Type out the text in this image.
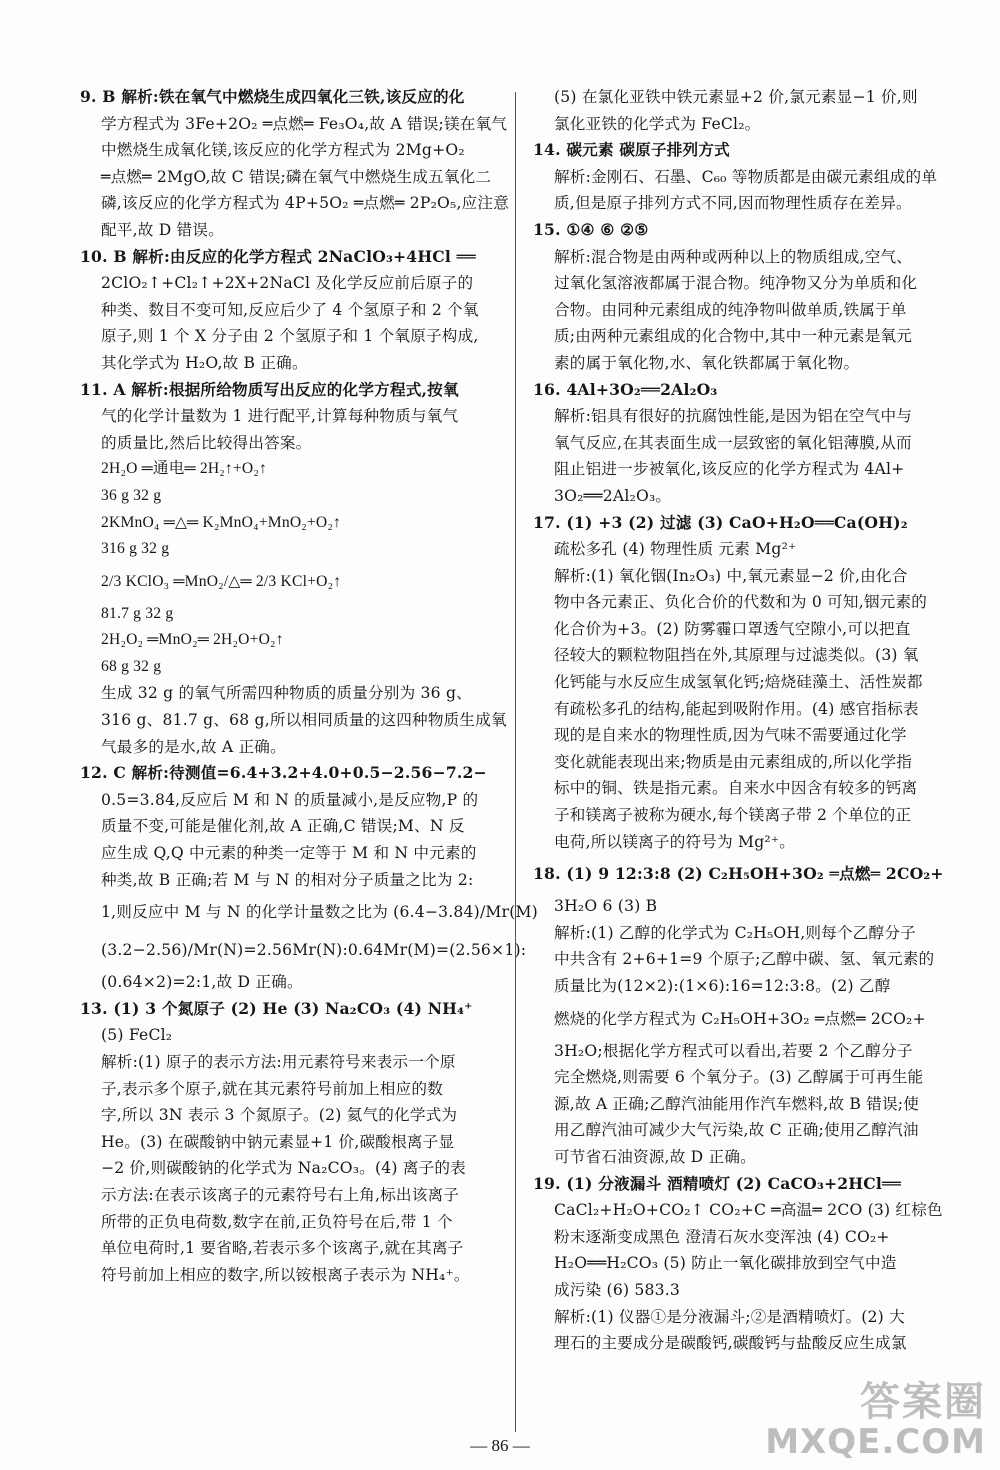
9. B 解析:铁在氧气中燃烧生成四氧化三铁,该反应的化
学方程式为 3Fe+2O₂ ═点燃═ Fe₃O₄,故 A 错误;镁在氧气
中燃烧生成氧化镁,该反应的化学方程式为 2Mg+O₂
═点燃═ 2MgO,故 C 错误;磷在氧气中燃烧生成五氧化二
磷,该反应的化学方程式为 4P+5O₂ ═点燃═ 2P₂O₅,应注意
配平,故 D 错误。
10. B 解析:由反应的化学方程式 2NaClO₃+4HCl ══
2ClO₂↑+Cl₂↑+2X+2NaCl 及化学反应前后原子的
种类、数目不变可知,反应后少了 4 个氢原子和 2 个氧
原子,则 1 个 X 分子由 2 个氢原子和 1 个氧原子构成,
其化学式为 H₂O,故 B 正确。
11. A 解析:根据所给物质写出反应的化学方程式,按氧
气的化学计量数为 1 进行配平,计算每种物质与氧气
的质量比,然后比较得出答案。
2H₂O ═通电═ 2H₂↑+O₂↑
36 g 32 g
2KMnO₄ ═△═ K₂MnO₄+MnO₂+O₂↑
316 g 32 g
2/3 KClO₃ ═MnO₂/△═ 2/3 KCl+O₂↑
81.7 g 32 g
2H₂O₂ ═MnO₂═ 2H₂O+O₂↑
68 g 32 g
生成 32 g 的氧气所需四种物质的质量分别为 36 g、
316 g、81.7 g、68 g,所以相同质量的这四种物质生成氧
气最多的是水,故 A 正确。
12. C 解析:待测值=6.4+3.2+4.0+0.5−2.56−7.2−
0.5=3.84,反应后 M 和 N 的质量减小,是反应物,P 的
质量不变,可能是催化剂,故 A 正确,C 错误;M、N 反
应生成 Q,Q 中元素的种类一定等于 M 和 N 中元素的
种类,故 B 正确;若 M 与 N 的相对分子质量之比为 2:
1,则反应中 M 与 N 的化学计量数之比为 (6.4−3.84)/Mr(M)
(3.2−2.56)/Mr(N)=2.56Mr(N):0.64Mr(M)=(2.56×1):
(0.64×2)=2:1,故 D 正确。
13. (1) 3 个氮原子 (2) He (3) Na₂CO₃ (4) NH₄⁺
(5) FeCl₂
解析:(1) 原子的表示方法:用元素符号来表示一个原
子,表示多个原子,就在其元素符号前加上相应的数
字,所以 3N 表示 3 个氮原子。(2) 氦气的化学式为
He。(3) 在碳酸钠中钠元素显+1 价,碳酸根离子显
−2 价,则碳酸钠的化学式为 Na₂CO₃。(4) 离子的表
示方法:在表示该离子的元素符号右上角,标出该离子
所带的正负电荷数,数字在前,正负符号在后,带 1 个
单位电荷时,1 要省略,若表示多个该离子,就在其离子
符号前加上相应的数字,所以铵根离子表示为 NH₄⁺。
(5) 在氯化亚铁中铁元素显+2 价,氯元素显−1 价,则
氯化亚铁的化学式为 FeCl₂。
14. 碳元素 碳原子排列方式
解析:金刚石、石墨、C₆₀ 等物质都是由碳元素组成的单
质,但是原子排列方式不同,因而物理性质存在差异。
15. ①④ ⑥ ②⑤
解析:混合物是由两种或两种以上的物质组成,空气、
过氧化氢溶液都属于混合物。纯净物又分为单质和化
合物。由同种元素组成的纯净物叫做单质,铁属于单
质;由两种元素组成的化合物中,其中一种元素是氧元
素的属于氧化物,水、氧化铁都属于氧化物。
16. 4Al+3O₂══2Al₂O₃
解析:铝具有很好的抗腐蚀性能,是因为铝在空气中与
氧气反应,在其表面生成一层致密的氧化铝薄膜,从而
阻止铝进一步被氧化,该反应的化学方程式为 4Al+
3O₂══2Al₂O₃。
17. (1) +3 (2) 过滤 (3) CaO+H₂O══Ca(OH)₂
疏松多孔 (4) 物理性质 元素 Mg²⁺
解析:(1) 氧化铟(In₂O₃) 中,氧元素显−2 价,由化合
物中各元素正、负化合价的代数和为 0 可知,铟元素的
化合价为+3。(2) 防雾霾口罩透气空隙小,可以把直
径较大的颗粒物阻挡在外,其原理与过滤类似。(3) 氧
化钙能与水反应生成氢氧化钙;焙烧硅藻土、活性炭都
有疏松多孔的结构,能起到吸附作用。(4) 感官指标表
现的是自来水的物理性质,因为气味不需要通过化学
变化就能表现出来;物质是由元素组成的,所以化学指
标中的铜、铁是指元素。自来水中因含有较多的钙离
子和镁离子被称为硬水,每个镁离子带 2 个单位的正
电荷,所以镁离子的符号为 Mg²⁺。
18. (1) 9 12:3:8 (2) C₂H₅OH+3O₂ ═点燃═ 2CO₂+
3H₂O 6 (3) B
解析:(1) 乙醇的化学式为 C₂H₅OH,则每个乙醇分子
中共含有 2+6+1=9 个原子;乙醇中碳、氢、氧元素的
质量比为(12×2):(1×6):16=12:3:8。(2) 乙醇
燃烧的化学方程式为 C₂H₅OH+3O₂ ═点燃═ 2CO₂+
3H₂O;根据化学方程式可以看出,若要 2 个乙醇分子
完全燃烧,则需要 6 个氧分子。(3) 乙醇属于可再生能
源,故 A 正确;乙醇汽油能用作汽车燃料,故 B 错误;使
用乙醇汽油可减少大气污染,故 C 正确;使用乙醇汽油
可节省石油资源,故 D 正确。
19. (1) 分液漏斗 酒精喷灯 (2) CaCO₃+2HCl══
CaCl₂+H₂O+CO₂↑ CO₂+C ═高温═ 2CO (3) 红棕色
粉末逐渐变成黑色 澄清石灰水变浑浊 (4) CO₂+
H₂O══H₂CO₃ (5) 防止一氧化碳排放到空气中造
成污染 (6) 583.3
解析:(1) 仪器①是分液漏斗;②是酒精喷灯。(2) 大
理石的主要成分是碳酸钙,碳酸钙与盐酸反应生成氯
— 86 —
答案圈
MXQE.COM
